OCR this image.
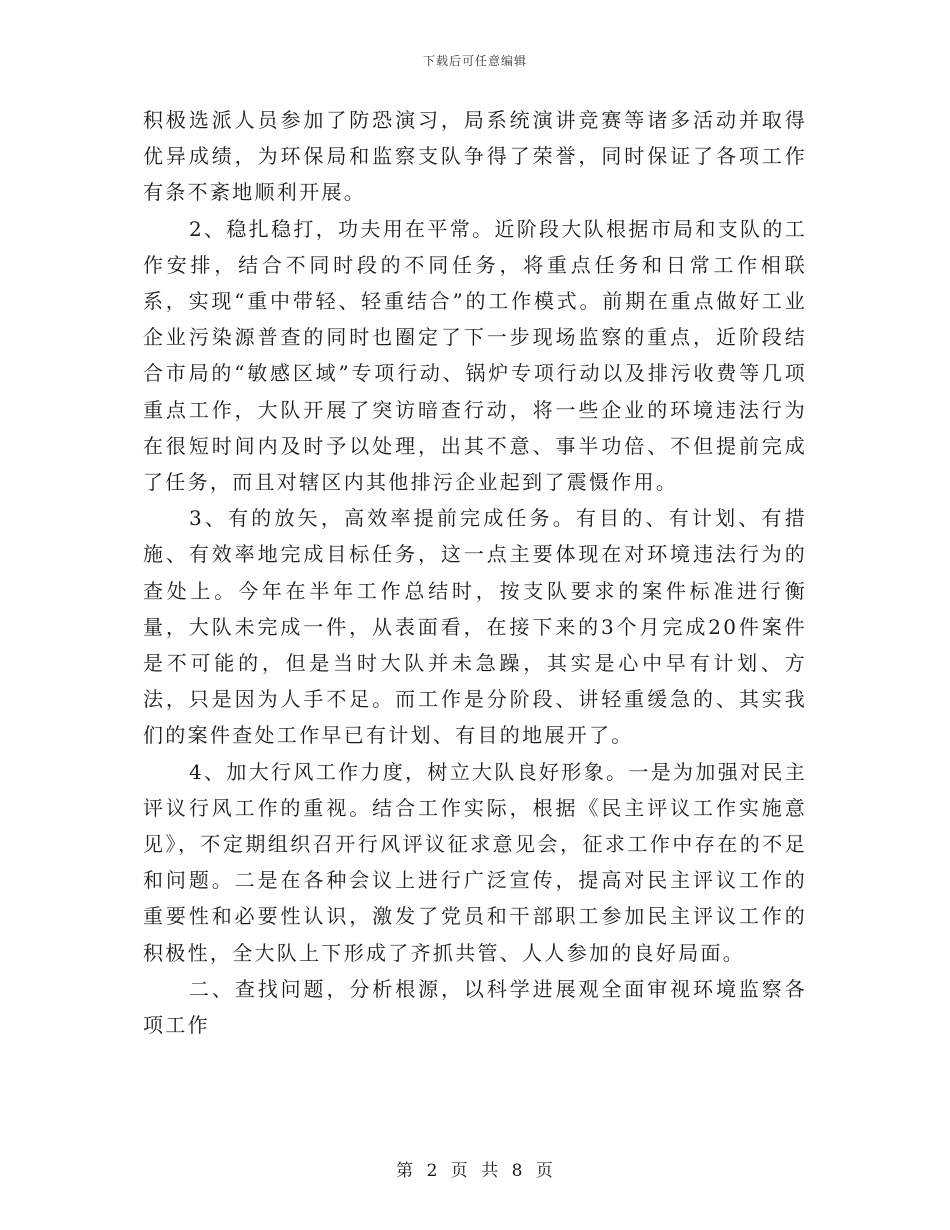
下载后可任意编辑

积极选派人员参加了防恐演习，局系统演讲竞赛等诸多活动并取得优异成绩，为环保局和监察支队争得了荣誉，同时保证了各项工作有条不紊地顺利开展。

2、稳扎稳打，功夫用在平常。近阶段大队根据市局和支队的工作安排，结合不同时段的不同任务，将重点任务和日常工作相联系，实现“重中带轻、轻重结合”的工作模式。前期在重点做好工业企业污染源普查的同时也圈定了下一步现场监察的重点，近阶段结合市局的“敏感区域”专项行动、锅炉专项行动以及排污收费等几项重点工作，大队开展了突访暗查行动，将一些企业的环境违法行为在很短时间内及时予以处理，出其不意、事半功倍、不但提前完成了任务，而且对辖区内其他排污企业起到了震慑作用。

3、有的放矢，高效率提前完成任务。有目的、有计划、有措施、有效率地完成目标任务，这一点主要体现在对环境违法行为的查处上。今年在半年工作总结时，按支队要求的案件标准进行衡量，大队未完成一件，从表面看，在接下来的3个月完成20件案件是不可能的，但是当时大队并未急躁，其实是心中早有计划、方法，只是因为人手不足。而工作是分阶段、讲轻重缓急的、其实我们的案件查处工作早已有计划、有目的地展开了。

4、加大行风工作力度，树立大队良好形象。一是为加强对民主评议行风工作的重视。结合工作实际，根据《民主评议工作实施意见》，不定期组织召开行风评议征求意见会，征求工作中存在的不足和问题。二是在各种会议上进行广泛宣传，提高对民主评议工作的重要性和必要性认识，激发了党员和干部职工参加民主评议工作的积极性，全大队上下形成了齐抓共管、人人参加的良好局面。

二、查找问题，分析根源，以科学进展观全面审视环境监察各项工作

第 2 页 共 8 页
